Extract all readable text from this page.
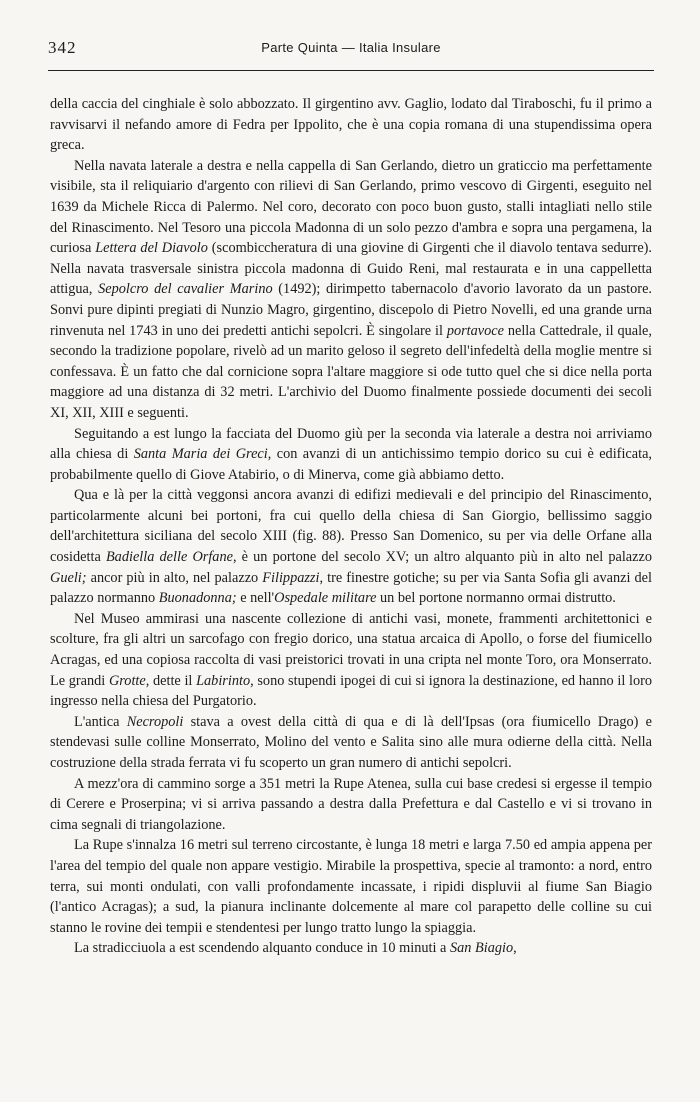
342	Parte Quinta — Italia Insulare

della caccia del cinghiale è solo abbozzato. Il girgentino avv. Gaglio, lodato dal Tiraboschi, fu il primo a ravvisarvi il nefando amore di Fedra per Ippolito, che è una copia romana di una stupendissima opera greca.

Nella navata laterale a destra e nella cappella di San Gerlando, dietro un graticcio ma perfettamente visibile, sta il reliquiario d'argento con rilievi di San Gerlando, primo vescovo di Girgenti, eseguito nel 1639 da Michele Ricca di Palermo. Nel coro, decorato con poco buon gusto, stalli intagliati nello stile del Rinascimento. Nel Tesoro una piccola Madonna di un solo pezzo d'ambra e sopra una pergamena, la curiosa Lettera del Diavolo (scombiccheratura di una giovine di Girgenti che il diavolo tentava sedurre). Nella navata trasversale sinistra piccola madonna di Guido Reni, mal restaurata e in una cappelletta attigua, Sepolcro del cavalier Marino (1492); dirimpetto tabernacolo d'avorio lavorato da un pastore. Sonvi pure dipinti pregiati di Nunzio Magro, girgentino, discepolo di Pietro Novelli, ed una grande urna rinvenuta nel 1743 in uno dei predetti antichi sepolcri. È singolare il portavoce nella Cattedrale, il quale, secondo la tradizione popolare, rivelò ad un marito geloso il segreto dell'infedeltà della moglie mentre si confessava. È un fatto che dal cornicione sopra l'altare maggiore si ode tutto quel che si dice nella porta maggiore ad una distanza di 32 metri. L'archivio del Duomo finalmente possiede documenti dei secoli XI, XII, XIII e seguenti.

Seguitando a est lungo la facciata del Duomo giù per la seconda via laterale a destra noi arriviamo alla chiesa di Santa Maria dei Greci, con avanzi di un antichissimo tempio dorico su cui è edificata, probabilmente quello di Giove Atabirio, o di Minerva, come già abbiamo detto.

Qua e là per la città veggonsi ancora avanzi di edifizi medievali e del principio del Rinascimento, particolarmente alcuni bei portoni, fra cui quello della chiesa di San Giorgio, bellissimo saggio dell'architettura siciliana del secolo XIII (fig. 88). Presso San Domenico, su per via delle Orfane alla cosidetta Badiella delle Orfane, è un portone del secolo XV; un altro alquanto più in alto nel palazzo Gueli; ancor più in alto, nel palazzo Filippazzi, tre finestre gotiche; su per via Santa Sofia gli avanzi del palazzo normanno Buonadonna; e nell'Ospedale militare un bel portone normanno ormai distrutto.

Nel Museo ammirasi una nascente collezione di antichi vasi, monete, frammenti architettonici e scolture, fra gli altri un sarcofago con fregio dorico, una statua arcaica di Apollo, o forse del fiumicello Acragas, ed una copiosa raccolta di vasi preistorici trovati in una cripta nel monte Toro, ora Monserrato. Le grandi Grotte, dette il Labirinto, sono stupendi ipogei di cui si ignora la destinazione, ed hanno il loro ingresso nella chiesa del Purgatorio.

L'antica Necropoli stava a ovest della città di qua e di là dell'Ipsas (ora fiumicello Drago) e stendevasi sulle colline Monserrato, Molino del vento e Salita sino alle mura odierne della città. Nella costruzione della strada ferrata vi fu scoperto un gran numero di antichi sepolcri.

A mezz'ora di cammino sorge a 351 metri la Rupe Atenea, sulla cui base credesi si ergesse il tempio di Cerere e Proserpina; vi si arriva passando a destra dalla Prefettura e dal Castello e vi si trovano in cima segnali di triangolazione.

La Rupe s'innalza 16 metri sul terreno circostante, è lunga 18 metri e larga 7.50 ed ampia appena per l'area del tempio del quale non appare vestigio. Mirabile la prospettiva, specie al tramonto: a nord, entro terra, sui monti ondulati, con valli profondamente incassate, i ripidi displuvii al fiume San Biagio (l'antico Acragas); a sud, la pianura inclinante dolcemente al mare col parapetto delle colline su cui stanno le rovine dei tempii e stendentesi per lungo tratto lungo la spiaggia.

La stradicciuola a est scendendo alquanto conduce in 10 minuti a San Biagio,
